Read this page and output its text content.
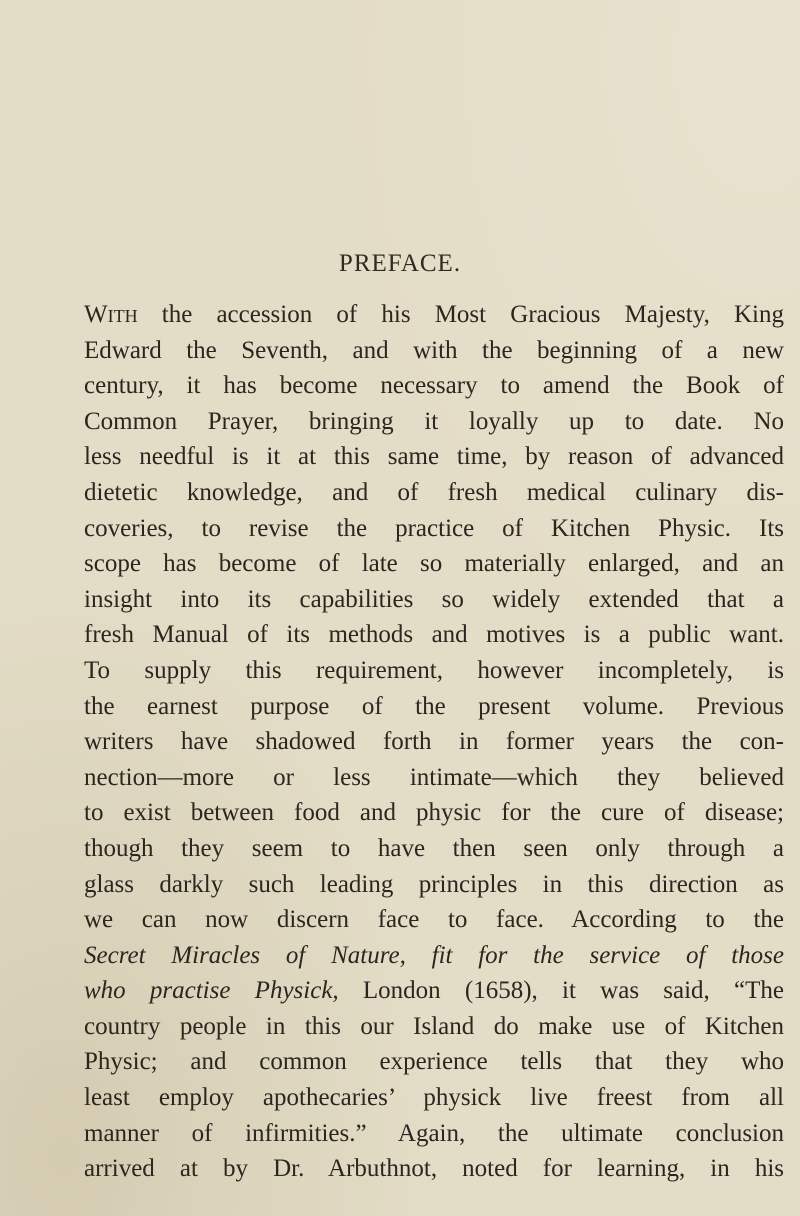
PREFACE.
With the accession of his Most Gracious Majesty, King
Edward the Seventh, and with the beginning of a new
century, it has become necessary to amend the Book of
Common Prayer, bringing it loyally up to date. No
less needful is it at this same time, by reason of advanced
dietetic knowledge, and of fresh medical culinary dis-
coveries, to revise the practice of Kitchen Physic. Its
scope has become of late so materially enlarged, and an
insight into its capabilities so widely extended that a
fresh Manual of its methods and motives is a public want.
To supply this requirement, however incompletely, is
the earnest purpose of the present volume. Previous
writers have shadowed forth in former years the con-
nection—more or less intimate—which they believed
to exist between food and physic for the cure of disease;
though they seem to have then seen only through a
glass darkly such leading principles in this direction as
we can now discern face to face. According to the
Secret Miracles of Nature, fit for the service of those
who practise Physick, London (1658), it was said, “The
country people in this our Island do make use of Kitchen
Physic; and common experience tells that they who
least employ apothecaries’ physick live freest from all
manner of infirmities.” Again, the ultimate conclusion
arrived at by Dr. Arbuthnot, noted for learning, in his
